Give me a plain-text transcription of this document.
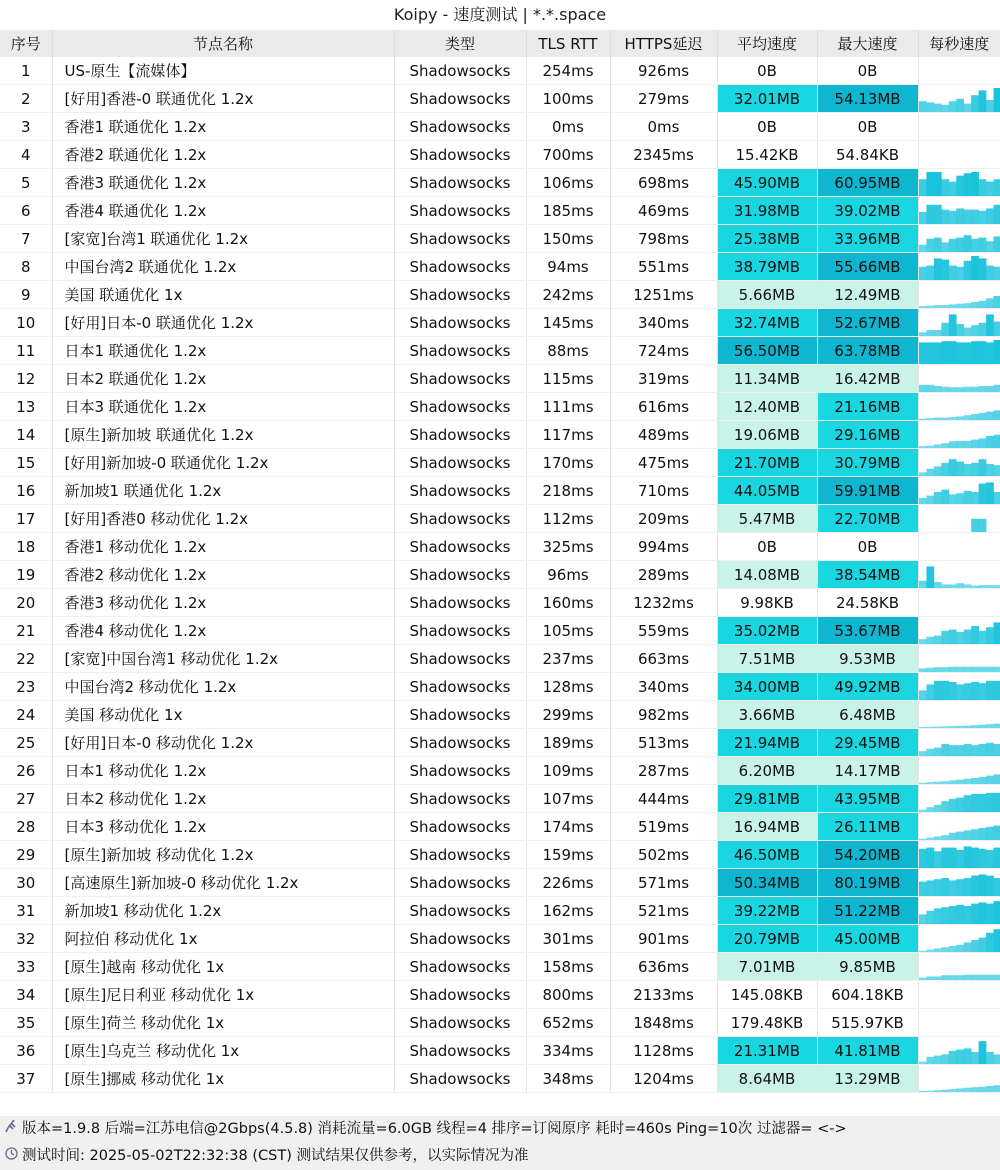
Koipy - 速度测试 | *.*.space
序号	节点名称	类型	TLS RTT	HTTPS延迟	平均速度	最大速度	每秒速度
1	US-原生【流媒体】	Shadowsocks	254ms	926ms	0B	0B	

2	[好用]香港-0 联通优化 1.2x	Shadowsocks	100ms	279ms	32.01MB	54.13MB	

3	香港1 联通优化 1.2x	Shadowsocks	0ms	0ms	0B	0B	

4	香港2 联通优化 1.2x	Shadowsocks	700ms	2345ms	15.42KB	54.84KB	

5	香港3 联通优化 1.2x	Shadowsocks	106ms	698ms	45.90MB	60.95MB	

6	香港4 联通优化 1.2x	Shadowsocks	185ms	469ms	31.98MB	39.02MB	

7	[家宽]台湾1 联通优化 1.2x	Shadowsocks	150ms	798ms	25.38MB	33.96MB	

8	中国台湾2 联通优化 1.2x	Shadowsocks	94ms	551ms	38.79MB	55.66MB	

9	美国 联通优化 1x	Shadowsocks	242ms	1251ms	5.66MB	12.49MB	

10	[好用]日本-0 联通优化 1.2x	Shadowsocks	145ms	340ms	32.74MB	52.67MB	

11	日本1 联通优化 1.2x	Shadowsocks	88ms	724ms	56.50MB	63.78MB	

12	日本2 联通优化 1.2x	Shadowsocks	115ms	319ms	11.34MB	16.42MB	

13	日本3 联通优化 1.2x	Shadowsocks	111ms	616ms	12.40MB	21.16MB	

14	[原生]新加坡 联通优化 1.2x	Shadowsocks	117ms	489ms	19.06MB	29.16MB	

15	[好用]新加坡-0 联通优化 1.2x	Shadowsocks	170ms	475ms	21.70MB	30.79MB	

16	新加坡1 联通优化 1.2x	Shadowsocks	218ms	710ms	44.05MB	59.91MB	

17	[好用]香港0 移动优化 1.2x	Shadowsocks	112ms	209ms	5.47MB	22.70MB	

18	香港1 移动优化 1.2x	Shadowsocks	325ms	994ms	0B	0B	

19	香港2 移动优化 1.2x	Shadowsocks	96ms	289ms	14.08MB	38.54MB	

20	香港3 移动优化 1.2x	Shadowsocks	160ms	1232ms	9.98KB	24.58KB	

21	香港4 移动优化 1.2x	Shadowsocks	105ms	559ms	35.02MB	53.67MB	

22	[家宽]中国台湾1 移动优化 1.2x	Shadowsocks	237ms	663ms	7.51MB	9.53MB	

23	中国台湾2 移动优化 1.2x	Shadowsocks	128ms	340ms	34.00MB	49.92MB	

24	美国 移动优化 1x	Shadowsocks	299ms	982ms	3.66MB	6.48MB	

25	[好用]日本-0 移动优化 1.2x	Shadowsocks	189ms	513ms	21.94MB	29.45MB	

26	日本1 移动优化 1.2x	Shadowsocks	109ms	287ms	6.20MB	14.17MB	

27	日本2 移动优化 1.2x	Shadowsocks	107ms	444ms	29.81MB	43.95MB	

28	日本3 移动优化 1.2x	Shadowsocks	174ms	519ms	16.94MB	26.11MB	

29	[原生]新加坡 移动优化 1.2x	Shadowsocks	159ms	502ms	46.50MB	54.20MB	

30	[高速原生]新加坡-0 移动优化 1.2x	Shadowsocks	226ms	571ms	50.34MB	80.19MB	

31	新加坡1 移动优化 1.2x	Shadowsocks	162ms	521ms	39.22MB	51.22MB	

32	阿拉伯 移动优化 1x	Shadowsocks	301ms	901ms	20.79MB	45.00MB	

33	[原生]越南 移动优化 1x	Shadowsocks	158ms	636ms	7.01MB	9.85MB	

34	[原生]尼日利亚 移动优化 1x	Shadowsocks	800ms	2133ms	145.08KB	604.18KB	

35	[原生]荷兰 移动优化 1x	Shadowsocks	652ms	1848ms	179.48KB	515.97KB	

36	[原生]乌克兰 移动优化 1x	Shadowsocks	334ms	1128ms	21.31MB	41.81MB	

37	[原生]挪威 移动优化 1x	Shadowsocks	348ms	1204ms	8.64MB	13.29MB	
版本=1.9.8 后端=江苏电信@2Gbps(4.5.8) 消耗流量=6.0GB 线程=4 排序=订阅原序 耗时=460s Ping=10次 过滤器= <->
测试时间: 2025-05-02T22:32:38 (CST) 测试结果仅供参考，以实际情况为准
